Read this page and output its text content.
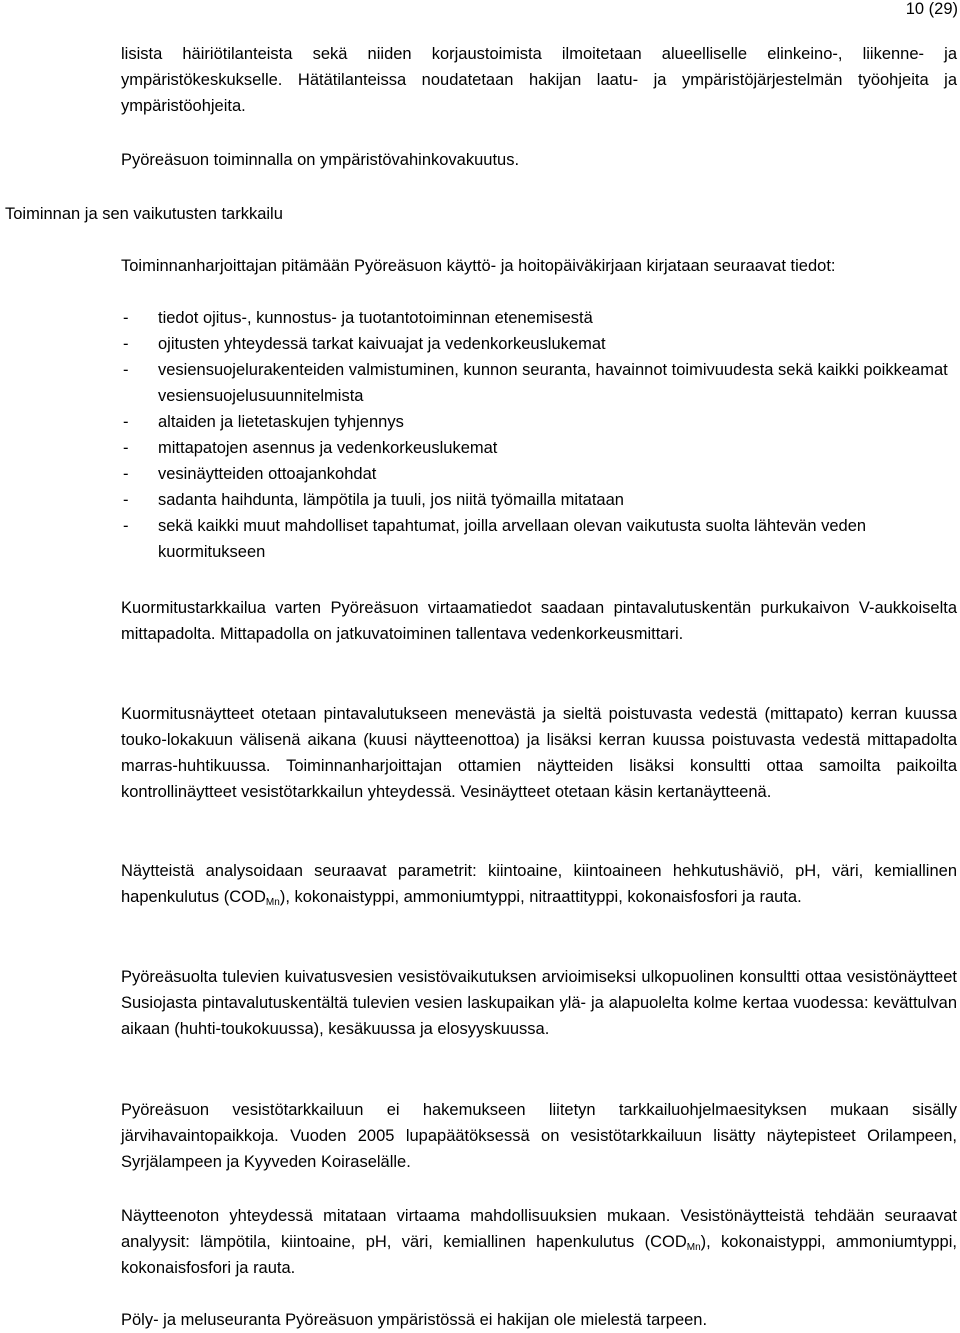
10 (29)
lisista häiriötilanteista sekä niiden korjaustoimista ilmoitetaan alueelliselle elinkeino-, liikenne- ja ympäristökeskukselle. Hätätilanteissa noudatetaan hakijan laatu- ja ympäristöjärjestelmän työohjeita ja ympäristöohjeita.
Pyöreäsuon toiminnalla on ympäristövahinkovakuutus.
Toiminnan ja sen vaikutusten tarkkailu
Toiminnanharjoittajan pitämään Pyöreäsuon käyttö- ja hoitopäiväkirjaan kirjataan seuraavat tiedot:
- tiedot ojitus-, kunnostus- ja tuotantotoiminnan etenemisestä
- ojitusten yhteydessä tarkat kaivuajat ja vedenkorkeuslukemat
- vesiensuojelurakenteiden valmistuminen, kunnon seuranta, havainnot toimivuudesta sekä kaikki poikkeamat vesiensuojelusuunnitelmista
- altaiden ja lietetaskujen tyhjennys
- mittapatojen asennus ja vedenkorkeuslukemat
- vesinäytteiden ottoajankohdat
- sadanta haihdunta, lämpötila ja tuuli, jos niitä työmailla mitataan
- sekä kaikki muut mahdolliset tapahtumat, joilla arvellaan olevan vaikutusta suolta lähtevän veden kuormitukseen
Kuormitustarkkailua varten Pyöreäsuon virtaamatiedot saadaan pintavalutuskentän purkukaivon V-aukkoiselta mittapadolta. Mittapadolla on jatkuvatoiminen tallentava vedenkorkeusmittari.
Kuormitusnäytteet otetaan pintavalutukseen menevästä ja sieltä poistuvasta vedestä (mittapato) kerran kuussa touko-lokakuun välisenä aikana (kuusi näytteenottoa) ja lisäksi kerran kuussa poistuvasta vedestä mittapadolta marras-huhtikuussa. Toiminnanharjoittajan ottamien näytteiden lisäksi konsultti ottaa samoilta paikoilta kontrollinäytteet vesistötarkkailun yhteydessä. Vesinäytteet otetaan käsin kertanäytteenä.
Näytteistä analysoidaan seuraavat parametrit: kiintoaine, kiintoaineen hehkutushäviö, pH, väri, kemiallinen hapenkulutus $(COD_{Mn})$, kokonaistyppi, ammoniumtyppi, nitraattityppi, kokonaisfosfori ja rauta.
Pyöreäsuolta tulevien kuivatusvesien vesistövaikutuksen arvioimiseksi ulkopuolinen konsultti ottaa vesistönäytteet Susiojasta pintavalutuskentältä tulevien vesien laskupaikan ylä- ja alapuolelta kolme kertaa vuodessa: kevättulvan aikaan (huhti-toukokuussa), kesäkuussa ja elosyyskuussa.
Pyöreäsuon vesistötarkkailuun ei hakemukseen liitetyn tarkkailuohjelmaesityksen mukaan sisälly järvihavaintopaikkoja. Vuoden 2005 lupapäätöksessä on vesistötarkkailuun lisätty näytepisteet Orilampeen, Syrjälampeen ja Kyyveden Koiraselälle.
Näytteenoton yhteydessä mitataan virtaama mahdollisuuksien mukaan. Vesistönäytteistä tehdään seuraavat analyysit: lämpötila, kiintoaine, pH, väri, kemiallinen hapenkulutus $(COD_{Mn})$, kokonaistyppi, ammoniumtyppi, kokonaisfosfori ja rauta.
Pöly- ja meluseuranta Pyöreäsuon ympäristössä ei hakijan ole mielestä tarpeen.
